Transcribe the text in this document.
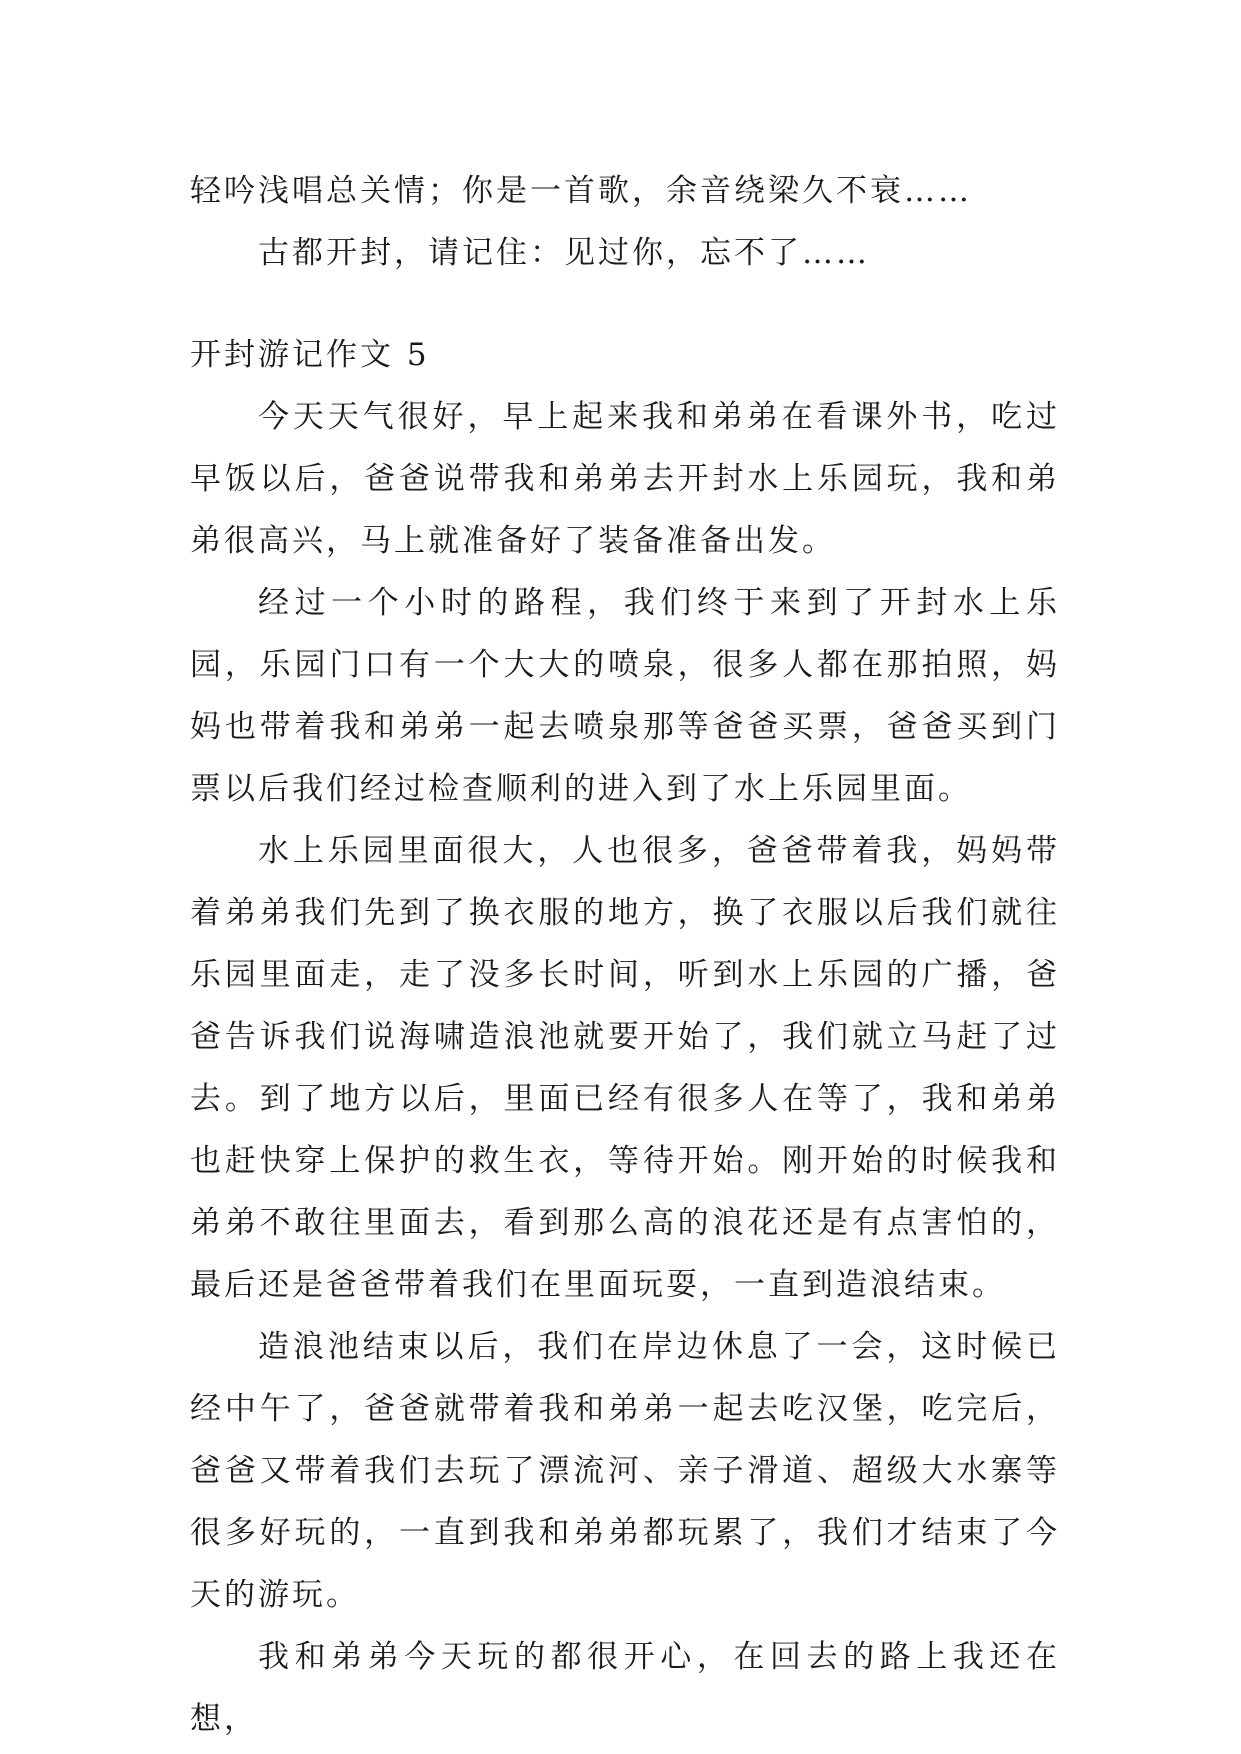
轻吟浅唱总关情；你是一首歌，余音绕梁久不衰……

古都开封，请记住：见过你，忘不了……

开封游记作文 5

今天天气很好，早上起来我和弟弟在看课外书，吃过早饭以后，爸爸说带我和弟弟去开封水上乐园玩，我和弟弟很高兴，马上就准备好了装备准备出发。

经过一个小时的路程，我们终于来到了开封水上乐园，乐园门口有一个大大的喷泉，很多人都在那拍照，妈妈也带着我和弟弟一起去喷泉那等爸爸买票，爸爸买到门票以后我们经过检查顺利的进入到了水上乐园里面。

水上乐园里面很大，人也很多，爸爸带着我，妈妈带着弟弟我们先到了换衣服的地方，换了衣服以后我们就往乐园里面走，走了没多长时间，听到水上乐园的广播，爸爸告诉我们说海啸造浪池就要开始了，我们就立马赶了过去。到了地方以后，里面已经有很多人在等了，我和弟弟也赶快穿上保护的救生衣，等待开始。刚开始的时候我和弟弟不敢往里面去，看到那么高的浪花还是有点害怕的，最后还是爸爸带着我们在里面玩耍，一直到造浪结束。

造浪池结束以后，我们在岸边休息了一会，这时候已经中午了，爸爸就带着我和弟弟一起去吃汉堡，吃完后，爸爸又带着我们去玩了漂流河、亲子滑道、超级大水寨等很多好玩的，一直到我和弟弟都玩累了，我们才结束了今天的游玩。

我和弟弟今天玩的都很开心，在回去的路上我还在想，
